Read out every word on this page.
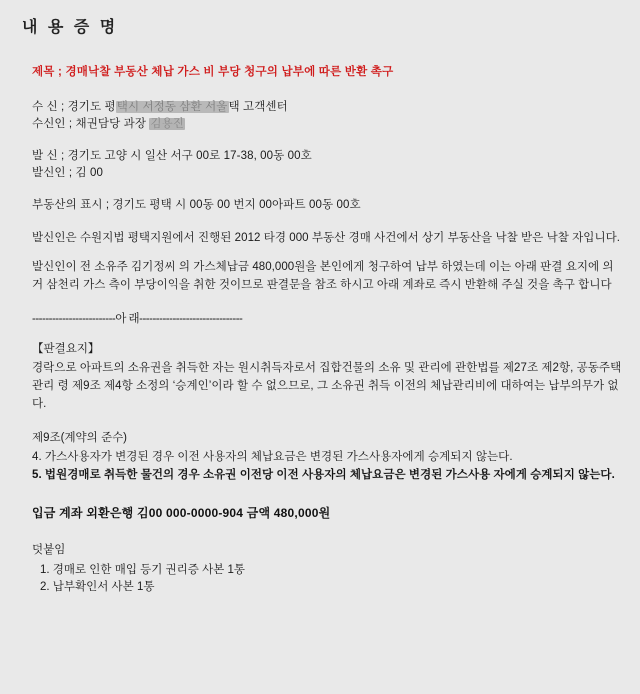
내 용 증 명

제목 ; 경매낙찰 부동산 체납 가스 비 부당 청구의 납부에 따른 반환 촉구

수 신 ; 경기도 평택시 서정동 삼환 서울택 고객센터

수신인 ; 채권담당 과장 김용진

발 신 ; 경기도 고양 시 일산 서구 00로 17-38, 00동 00호

발신인 ; 김 00

부동산의 표시 ; 경기도 평택 시 00동 00 번지 00아파트 00동 00호

발신인은 수원지법 평택지원에서 진행된 2012 타경 000 부동산 경매 사건에서 상기 부동산을 낙찰 받은 낙찰 자입니다.

발신인이 전 소유주 김기정씨 의 가스체납금 480,000원을 본인에게 청구하여 납부 하였는데 이는 아래 판결 요지에 의거 삼천리 가스 측이 부당이익을 취한 것이므로 판결문을 참조 하시고 아래 계좌로 즉시 반환해 주실 것을 촉구 합니다

-------------------------아 래-------------------------------

【판결요지】

경락으로 아파트의 소유권을 취득한 자는 원시취득자로서 집합건물의 소유 및 관리에 관한법를 제27조 제2항, 공동주택 관리 령 제9조 제4항 소정의 ‘승계인’이라 할 수 없으므로, 그 소유권 취득 이전의 체납관리비에 대하여는 납부의무가 없다.

제9조(계약의 준수)

4. 가스사용자가 변경된 경우 이전 사용자의 체납요금은 변경된 가스사용자에게 승계되지 않는다.

5. 법원경매로 취득한 물건의 경우 소유권 이전당 이전 사용자의 체납요금은 변경된 가스사용 자에게 승계되지 않는다.

입금 계좌 외환은행 김00 000-0000-904 금액 480,000원

덧붙임

1. 경매로 인한 매입 등기 권리증 사본 1통

2. 납부확인서 사본 1통
